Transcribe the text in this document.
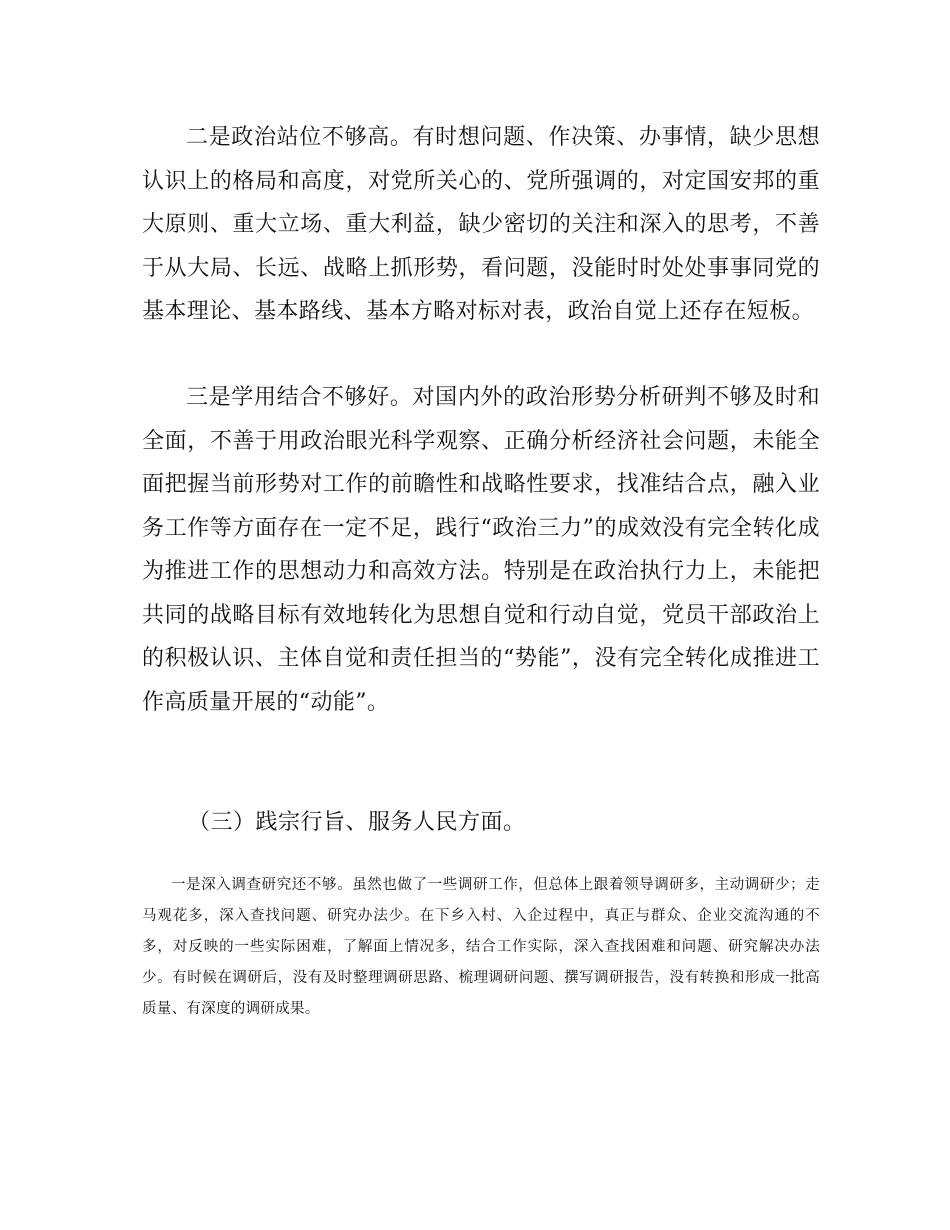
二是政治站位不够高。有时想问题、作决策、办事情，缺少思想认识上的格局和高度，对党所关心的、党所强调的，对定国安邦的重大原则、重大立场、重大利益，缺少密切的关注和深入的思考，不善于从大局、长远、战略上抓形势，看问题，没能时时处处事事同党的基本理论、基本路线、基本方略对标对表，政治自觉上还存在短板。

三是学用结合不够好。对国内外的政治形势分析研判不够及时和全面，不善于用政治眼光科学观察、正确分析经济社会问题，未能全面把握当前形势对工作的前瞻性和战略性要求，找准结合点，融入业务工作等方面存在一定不足，践行“政治三力”的成效没有完全转化成为推进工作的思想动力和高效方法。特别是在政治执行力上，未能把共同的战略目标有效地转化为思想自觉和行动自觉，党员干部政治上的积极认识、主体自觉和责任担当的“势能”，没有完全转化成推进工作高质量开展的“动能”。

（三）践宗行旨、服务人民方面。

一是深入调查研究还不够。虽然也做了一些调研工作，但总体上跟着领导调研多，主动调研少；走马观花多，深入查找问题、研究办法少。在下乡入村、入企过程中，真正与群众、企业交流沟通的不多，对反映的一些实际困难，了解面上情况多，结合工作实际，深入查找困难和问题、研究解决办法少。有时候在调研后，没有及时整理调研思路、梳理调研问题、撰写调研报告，没有转换和形成一批高质量、有深度的调研成果。
